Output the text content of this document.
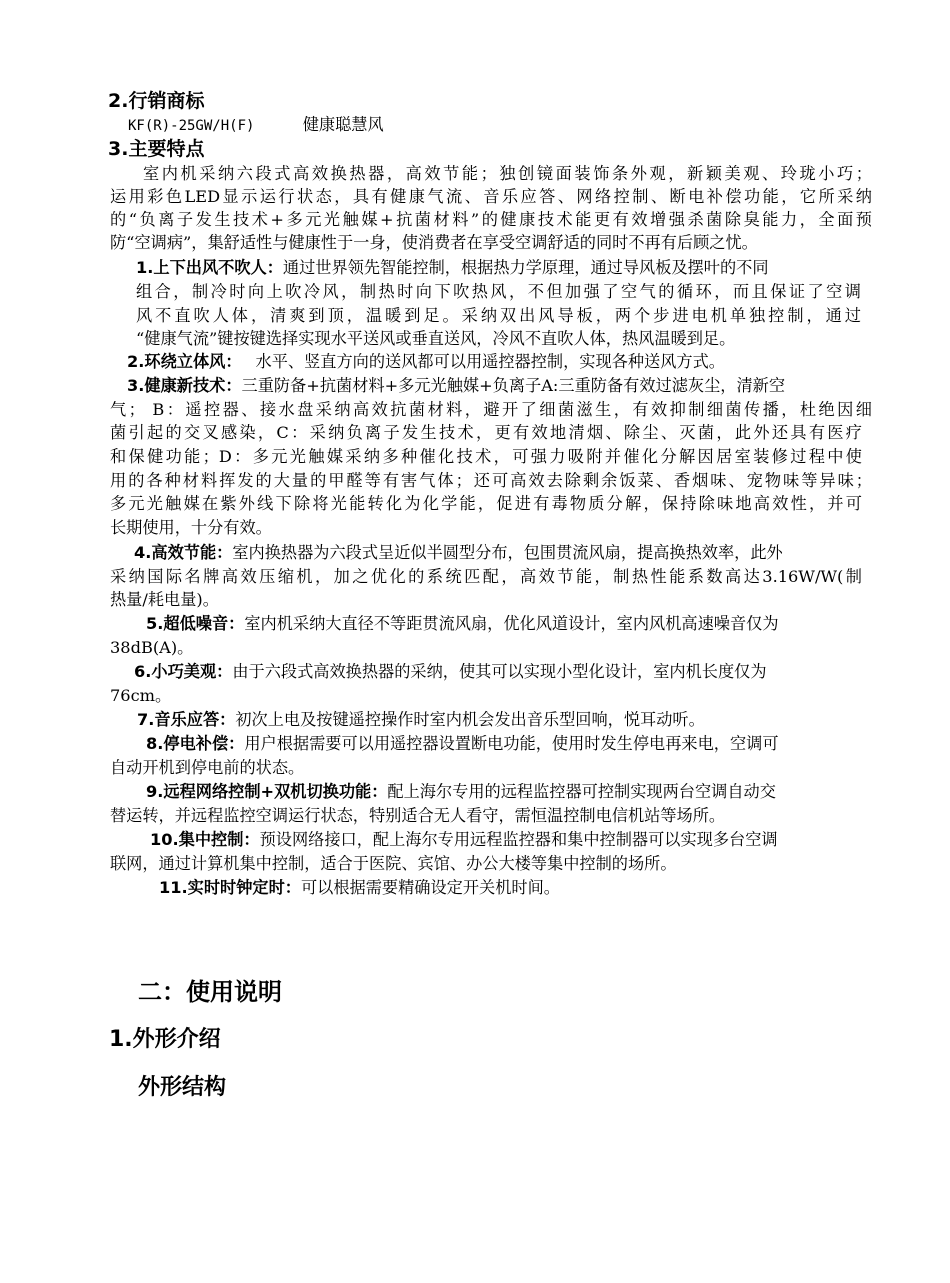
2.行销商标
KF(R)-25GW/H(F)	健康聪慧风
3.主要特点
室内机采纳六段式高效换热器，高效节能；独创镜面装饰条外观，新颖美观、玲珑小巧；
运用彩色LED显示运行状态，具有健康气流、音乐应答、网络控制、断电补偿功能，它所采纳
的“负离子发生技术+多元光触媒+抗菌材料”的健康技术能更有效增强杀菌除臭能力，全面预
防“空调病”，集舒适性与健康性于一身，使消费者在享受空调舒适的同时不再有后顾之忧。
1.上下出风不吹人：通过世界领先智能控制，根据热力学原理，通过导风板及摆叶的不同
组合，制冷时向上吹冷风，制热时向下吹热风，不但加强了空气的循环，而且保证了空调
风不直吹人体，清爽到顶，温暖到足。采纳双出风导板，两个步进电机单独控制，通过
“健康气流”键按键选择实现水平送风或垂直送风，冷风不直吹人体，热风温暖到足。
2.环绕立体风： 水平、竖直方向的送风都可以用遥控器控制，实现各种送风方式。
3.健康新技术：三重防备+抗菌材料+多元光触媒+负离子A:三重防备有效过滤灰尘，清新空
气； B：遥控器、接水盘采纳高效抗菌材料，避开了细菌滋生，有效抑制细菌传播，杜绝因细
菌引起的交叉感染，C：采纳负离子发生技术，更有效地清烟、除尘、灭菌，此外还具有医疗
和保健功能；D：多元光触媒采纳多种催化技术，可强力吸附并催化分解因居室装修过程中使
用的各种材料挥发的大量的甲醛等有害气体；还可高效去除剩余饭菜、香烟味、宠物味等异味；
多元光触媒在紫外线下除将光能转化为化学能，促进有毒物质分解，保持除味地高效性，并可
长期使用，十分有效。
4.高效节能：室内换热器为六段式呈近似半圆型分布，包围贯流风扇，提高换热效率，此外
采纳国际名牌高效压缩机，加之优化的系统匹配，高效节能，制热性能系数高达3.16W/W(制
热量/耗电量)。
5.超低噪音：室内机采纳大直径不等距贯流风扇，优化风道设计，室内风机高速噪音仅为
38dB(A)。
6.小巧美观：由于六段式高效换热器的采纳，使其可以实现小型化设计，室内机长度仅为
76cm。
7.音乐应答：初次上电及按键遥控操作时室内机会发出音乐型回响，悦耳动听。
8.停电补偿：用户根据需要可以用遥控器设置断电功能，使用时发生停电再来电，空调可
自动开机到停电前的状态。
9.远程网络控制+双机切换功能：配上海尔专用的远程监控器可控制实现两台空调自动交
替运转，并远程监控空调运行状态，特别适合无人看守，需恒温控制电信机站等场所。
10.集中控制：预设网络接口，配上海尔专用远程监控器和集中控制器可以实现多台空调
联网，通过计算机集中控制，适合于医院、宾馆、办公大楼等集中控制的场所。
11.实时时钟定时：可以根据需要精确设定开关机时间。
二：使用说明
1.外形介绍
外形结构
